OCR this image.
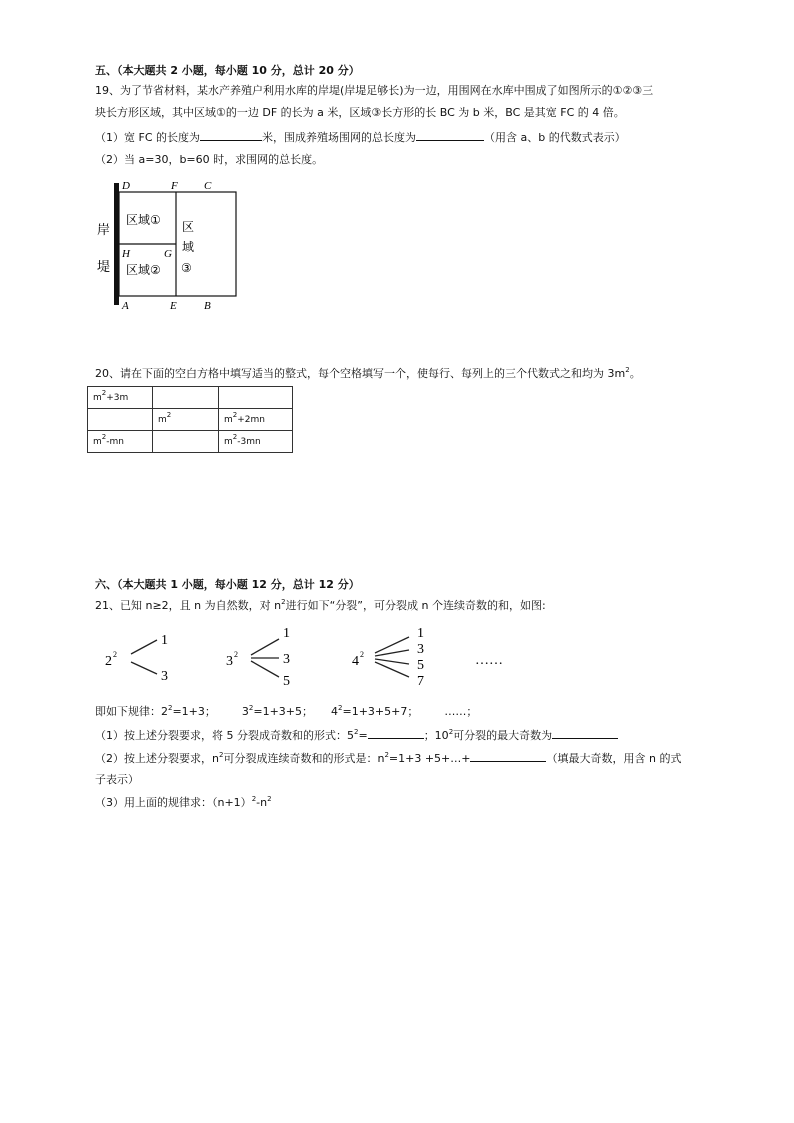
五、（本大题共 2 小题，每小题 10 分，总计 20 分）
19、为了节省材料，某水产养殖户利用水库的岸堤(岸堤足够长)为一边，用围网在水库中围成了如图所示的①②③三
块长方形区域，其中区域①的一边 DF 的长为 a 米，区域③长方形的长 BC 为 b 米，BC 是其宽 FC 的 4 倍。
（1）宽 FC 的长度为	米，围成养殖场围网的总长度为	（用含 a、b 的代数式表示）
（2）当 a=30，b=60 时，求围网的总长度。
岸
堤
D	F C
H	G
A	E B
区域①
区域②
区
域
③
20、请在下面的空白方格中填写适当的整式，每个空格填写一个，使每行、每列上的三个代数式之和均为 $3m^2$。
$m^2+3m$		
	$m^2$	$m^2+2mn$
$m^2-mn$		$m^2-3mn$
六、（本大题共 1 小题，每小题 12 分，总计 12 分）
21、已知 n≥2，且 n 为自然数，对 $n^2$进行如下“分裂”，可分裂成 n 个连续奇数的和，如图:
2 2
1
3
3 2
1
3
5
4 2
1
3
5
7
……
即如下规律：$2^2=1+3$； $3^2=1+3+5$； $4^2=1+3+5+7$； ……；
（1）按上述分裂要求，将 5 分裂成奇数和的形式：$5^2=$	；$10^2$可分裂的最大奇数为
（2）按上述分裂要求，$n^2$可分裂成连续奇数和的形式是：$n^2=1+3$ +5+…+	（填最大奇数，用含 n 的式
子表示）
（3）用上面的规律求：$(n+1)^2-n^2$
